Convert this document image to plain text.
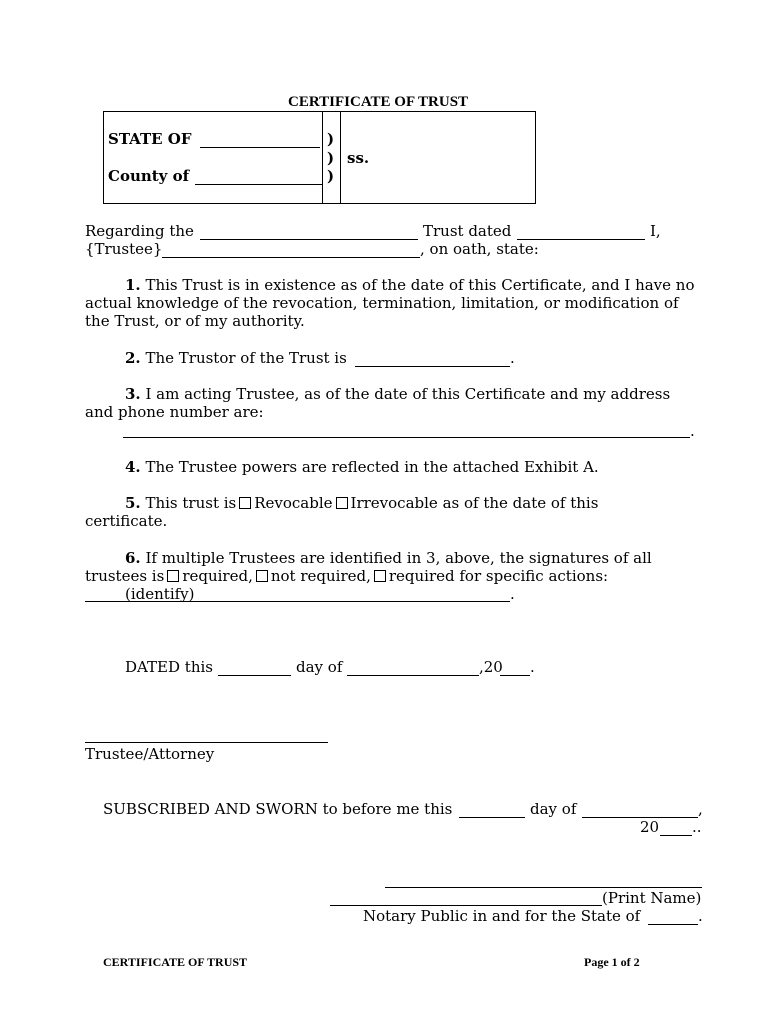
CERTIFICATE OF TRUST
STATE OF
County of
)
)
)
ss.
Regarding the	Trust dated	I,
{Trustee}	, on oath, state:
1. This Trust is in existence as of the date of this Certificate, and I have no
actual knowledge of the revocation, termination, limitation, or modification of
the Trust, or of my authority.
2. The Trustor of the Trust is	.
3. I am acting Trustee, as of the date of this Certificate and my address
and phone number are:
.
4. The Trustee powers are reflected in the attached Exhibit A.
5. This trust is Revocable Irrevocable as of the date of this
certificate.
6. If multiple Trustees are identified in 3, above, the signatures of all
trustees is required, not required, required for specific actions:
(identify)	.
DATED this	day of	,20 .
Trustee/Attorney
SUBSCRIBED AND SWORN to before me this	day of	,
20 ..
(Print Name)
Notary Public in and for the State of	.
CERTIFICATE OF TRUST	Page 1 of 2
